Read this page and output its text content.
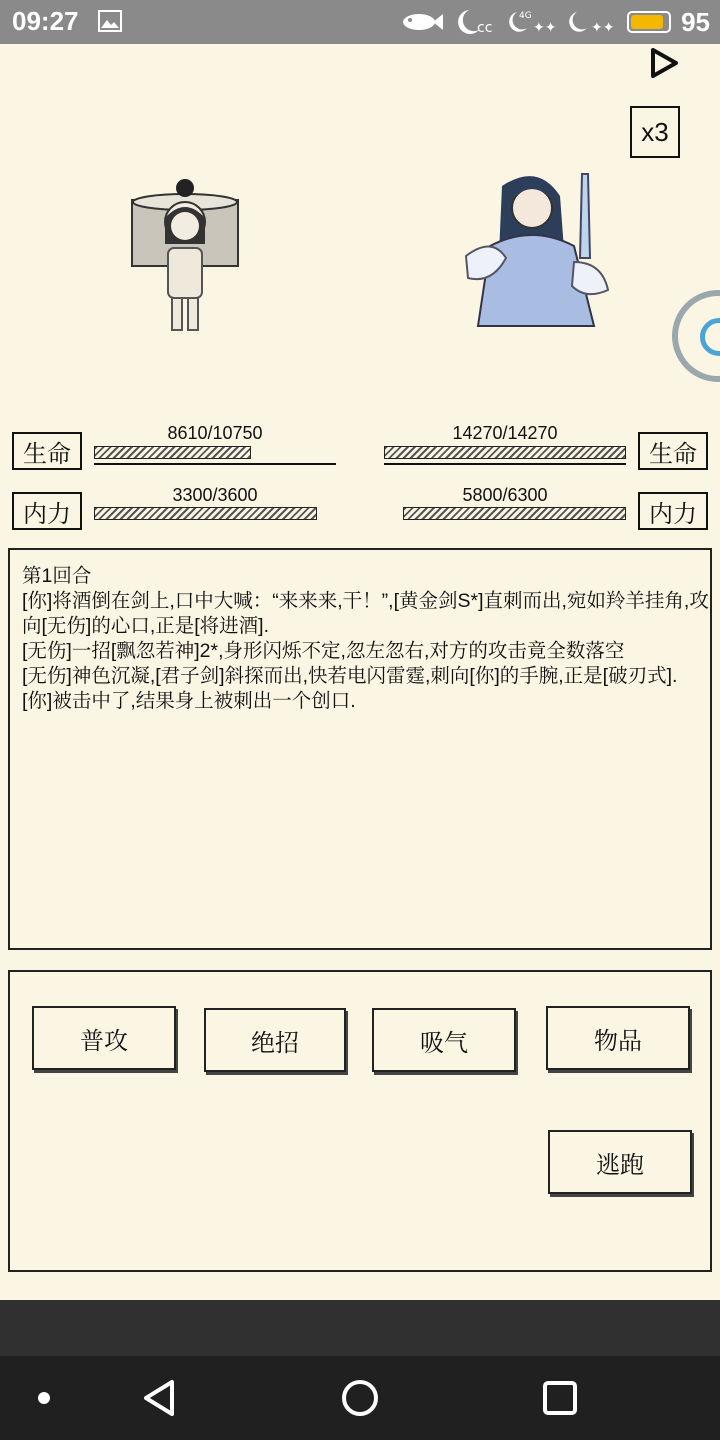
09:27	cc
4G
✦✦ ✦✦	95
x3
生命
8610/10750
内力
3300/3600
生命
14270/14270
内力
5800/6300
第1回合
[你]将酒倒在剑上,口中大喊：“来来来,干！”,[黄金剑S*]直刺而出,宛如羚羊挂角,攻向[无伤]的心口,正是[将进酒].
[无伤]一招[飘忽若神]2*,身形闪烁不定,忽左忽右,对方的攻击竟全数落空
[无伤]神色沉凝,[君子剑]斜探而出,快若电闪雷霆,刺向[你]的手腕,正是[破刃式].
[你]被击中了,结果身上被刺出一个创口.
普攻	绝招	吸气	物品
逃跑
